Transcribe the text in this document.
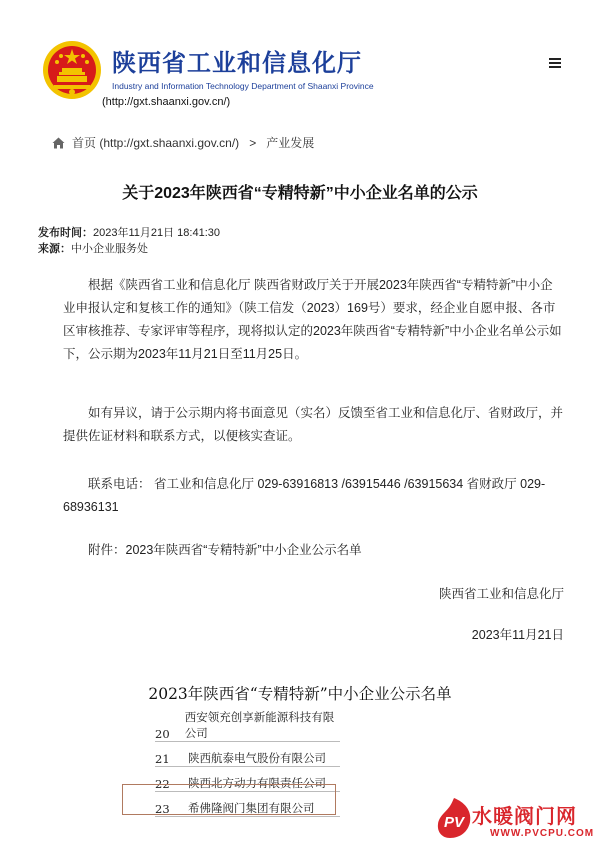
陕西省工业和信息化厅
Industry and Information Technology Department of Shaanxi Province
(http://gxt.shaanxi.gov.cn/)
首页 (http://gxt.shaanxi.gov.cn/) > 产业发展
关于2023年陕西省“专精特新”中小企业名单的公示
发布时间：2023年11月21日 18:41:30
来源：中小企业服务处

根据《陕西省工业和信息化厅 陕西省财政厅关于开展2023年陕西省“专精特新”中小企业申报认定和复核工作的通知》（陕工信发（2023）169号）要求，经企业自愿申报、各市区审核推荐、专家评审等程序，现将拟认定的2023年陕西省“专精特新”中小企业名单公示如下，公示期为2023年11月21日至11月25日。

如有异议，请于公示期内将书面意见（实名）反馈至省工业和信息化厅、省财政厅，并提供佐证材料和联系方式，以便核实查证。

联系电话： 省工业和信息化厅 029-63916813 /63915446 /63915634 省财政厅 029-68936131

附件：2023年陕西省“专精特新”中小企业公示名单

陕西省工业和信息化厅
2023年11月21日
2023年陕西省“专精特新”中小企业公示名单
20
西安领充创享新能源科技有限公司
21	陕西航泰电气股份有限公司
22	陕西北方动力有限责任公司
23	希佛隆阀门集团有限公司
PV 水暖阀门网
WWW.PVCPU.COM
